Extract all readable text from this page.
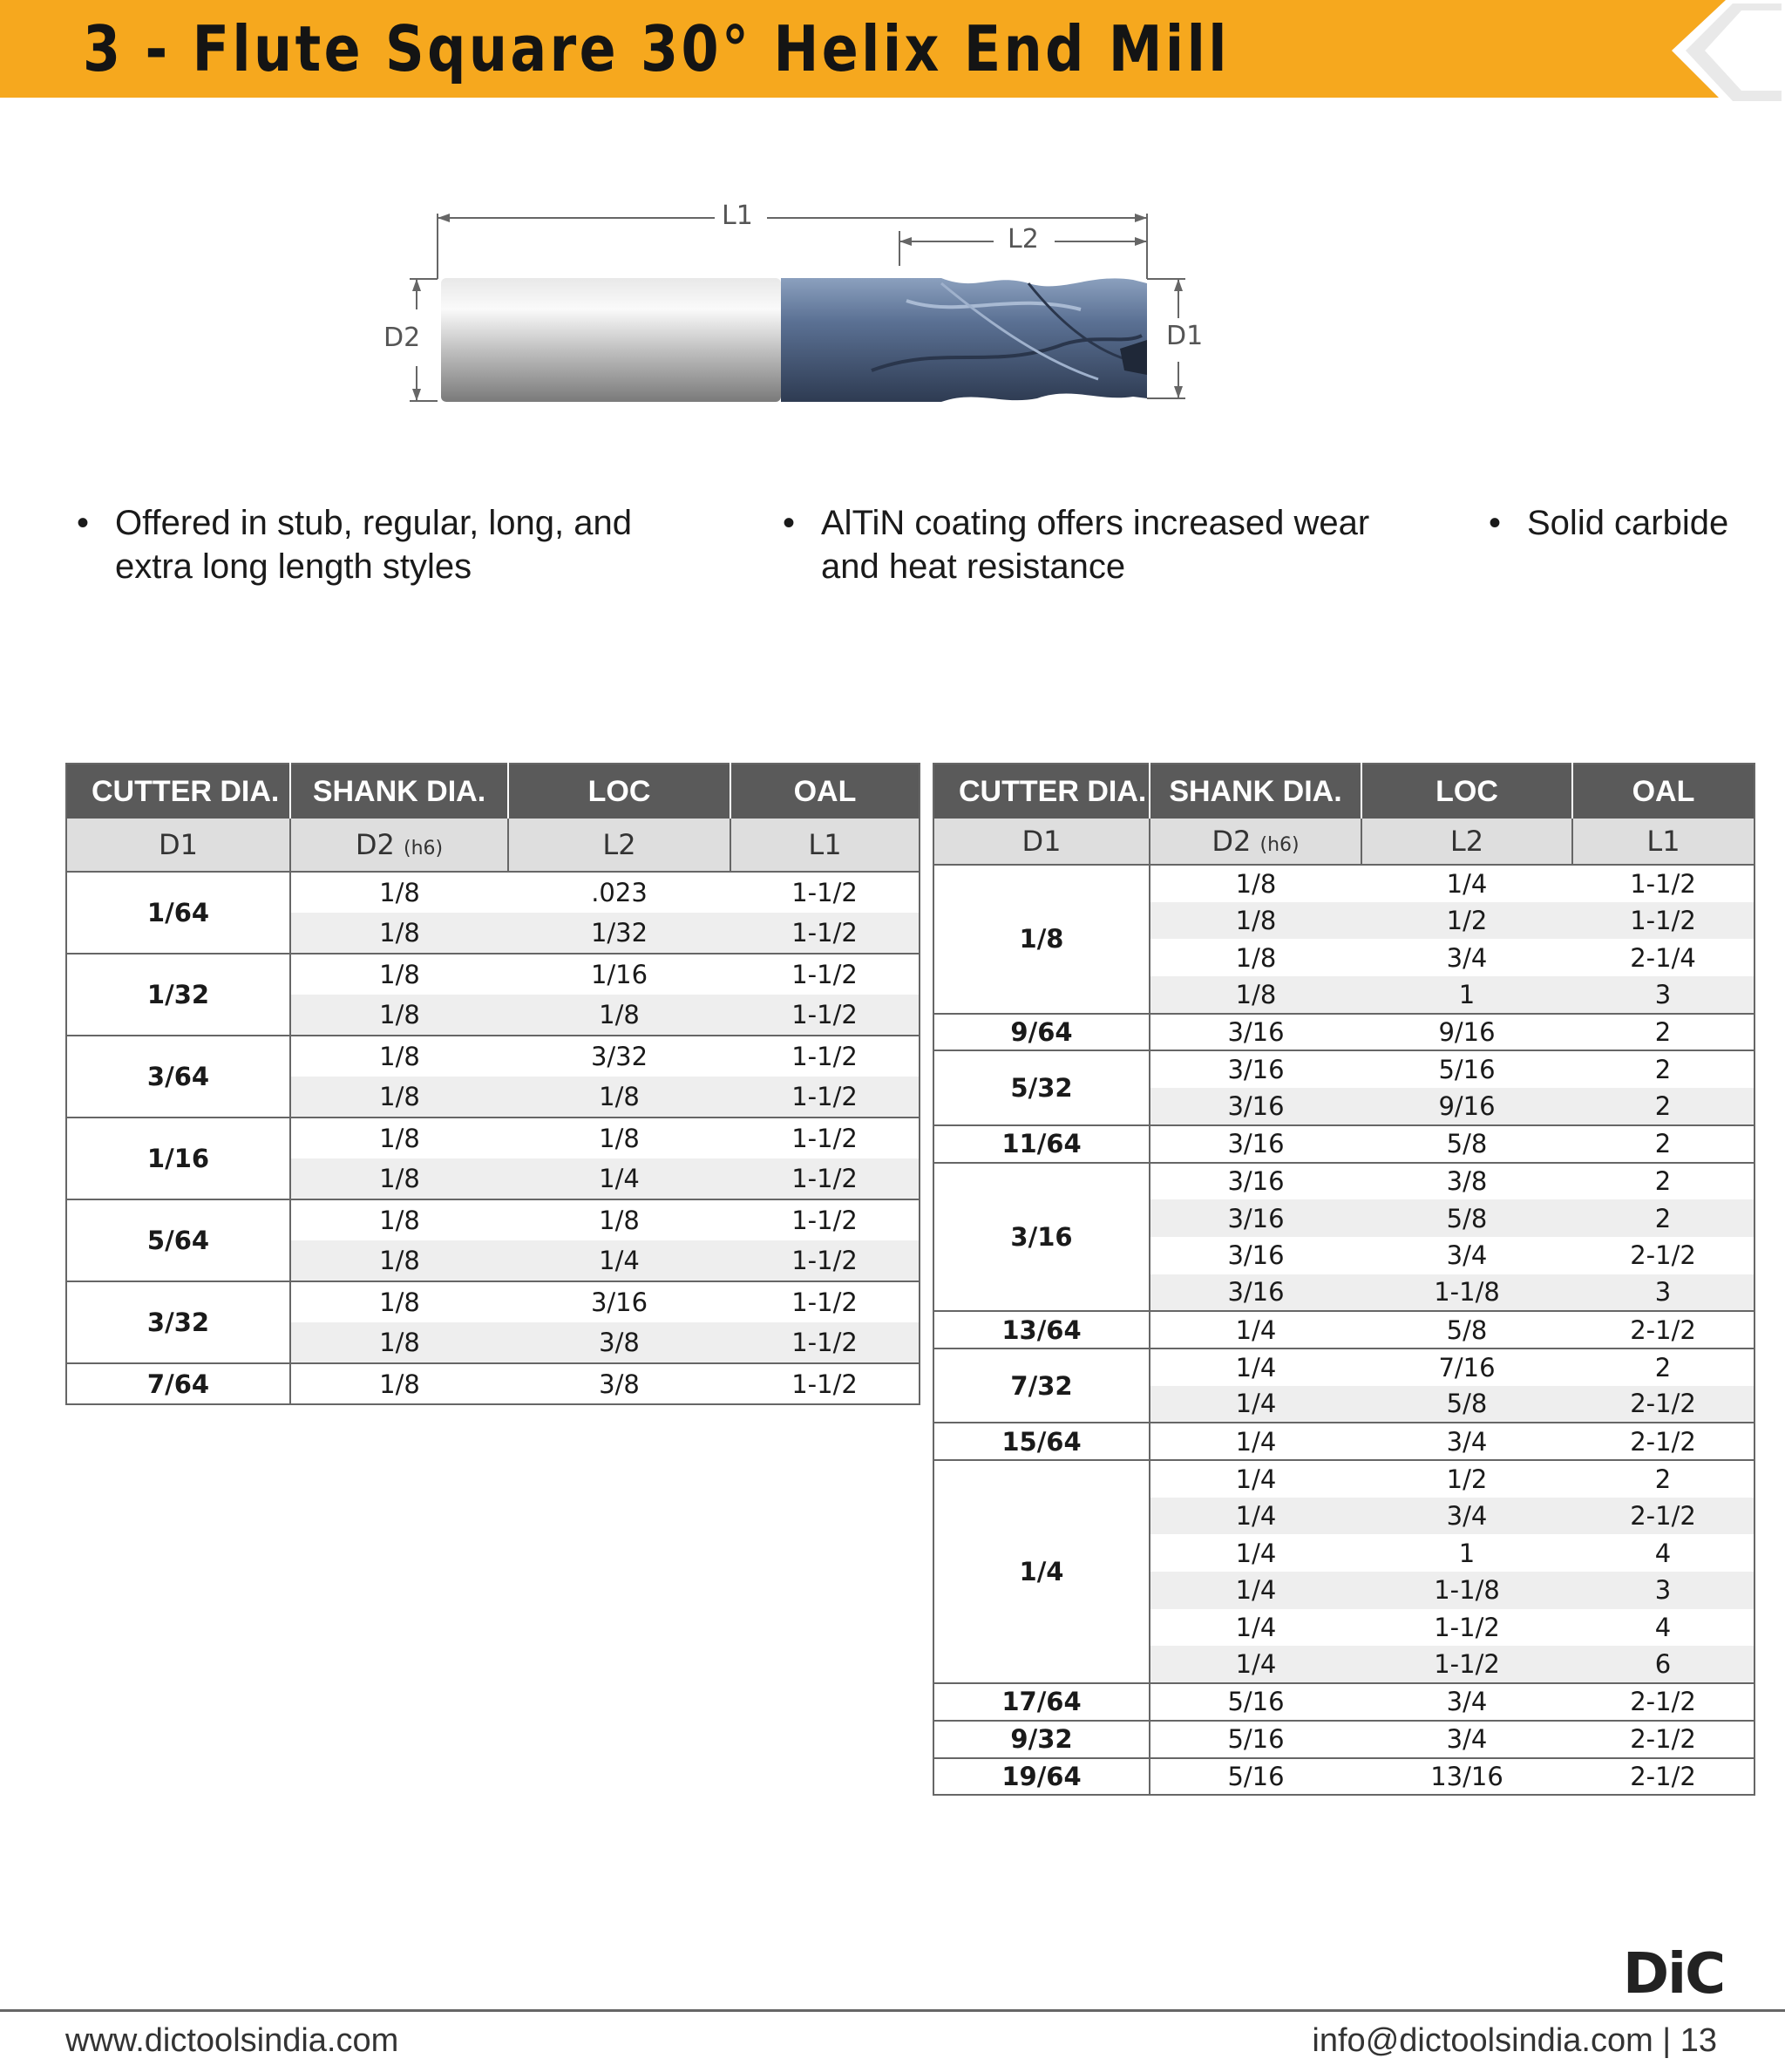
3 - Flute Square 30° Helix End Mill
L1
L2
D2	D1
• Offered in stub, regular, long, and
extra long length styles
• AlTiN coating offers increased wear
and heat resistance
• Solid carbide
CUTTER DIA.	SHANK DIA.	LOC	OAL
D1	D2 (h6)	L2	L1
1/64	1/8	.023	1-1/2
	1/8	1/32	1-1/2
1/32	1/8	1/16	1-1/2
	1/8	1/8	1-1/2
3/64	1/8	3/32	1-1/2
	1/8	1/8	1-1/2
1/16	1/8	1/8	1-1/2
	1/8	1/4	1-1/2
5/64	1/8	1/8	1-1/2
	1/8	1/4	1-1/2
3/32	1/8	3/16	1-1/2
	1/8	3/8	1-1/2
7/64	1/8	3/8	1-1/2
CUTTER DIA.	SHANK DIA.	LOC	OAL
D1	D2 (h6)	L2	L1
1/8	1/8	1/4	1-1/2
	1/8	1/2	1-1/2
	1/8	3/4	2-1/4
	1/8	1	3
9/64	3/16	9/16	2
5/32	3/16	5/16	2
	3/16	9/16	2
11/64	3/16	5/8	2
3/16	3/16	3/8	2
	3/16	5/8	2
	3/16	3/4	2-1/2
	3/16	1-1/8	3
13/64	1/4	5/8	2-1/2
7/32	1/4	7/16	2
	1/4	5/8	2-1/2
15/64	1/4	3/4	2-1/2
1/4	1/4	1/2	2
	1/4	3/4	2-1/2
	1/4	1	4
	1/4	1-1/8	3
	1/4	1-1/2	4
	1/4	1-1/2	6
17/64	5/16	3/4	2-1/2
9/32	5/16	3/4	2-1/2
19/64	5/16	13/16	2-1/2
DiC
www.dictoolsindia.com	info@dictoolsindia.com | 13
